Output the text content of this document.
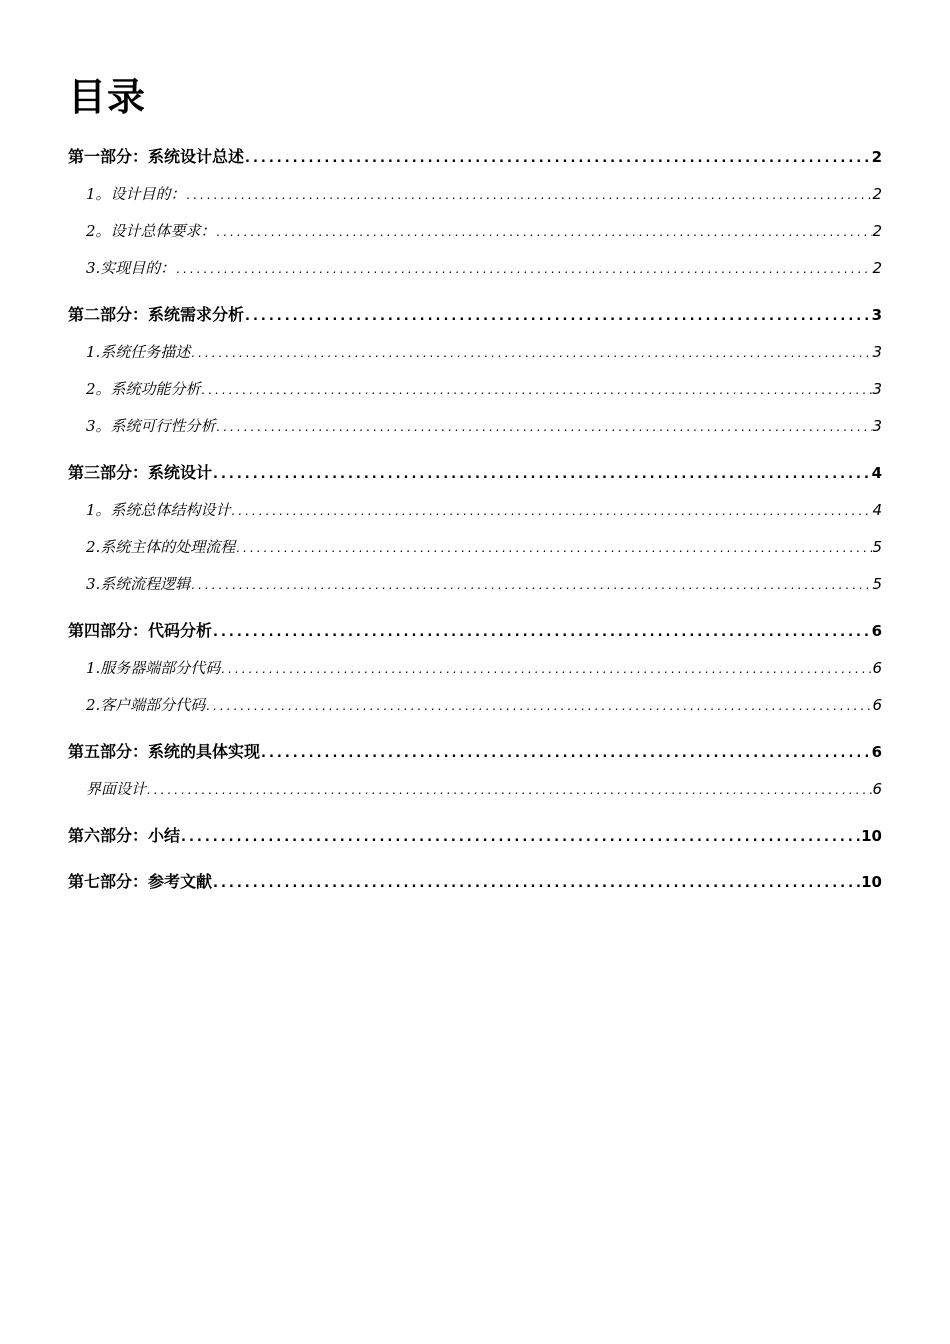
目录
第一部分：系统设计总述 .....	2
1。设计目的： .....	2
2。设计总体要求： .....	2
3.实现目的： .....	2
第二部分：系统需求分析 .....	3
1.系统任务描述 .....	3
2。系统功能分析 .....	3
3。系统可行性分析 .....	3
第三部分：系统设计 .....	4
1。系统总体结构设计 .....	4
2.系统主体的处理流程 .....	5
3.系统流程逻辑 .....	5
第四部分：代码分析 .....	6
1.服务器端部分代码 .....	6
2.客户端部分代码 .....	6
第五部分：系统的具体实现 .....	6
界面设计 .....	6
第六部分：小结 .....	10
第七部分：参考文献 .....	10
